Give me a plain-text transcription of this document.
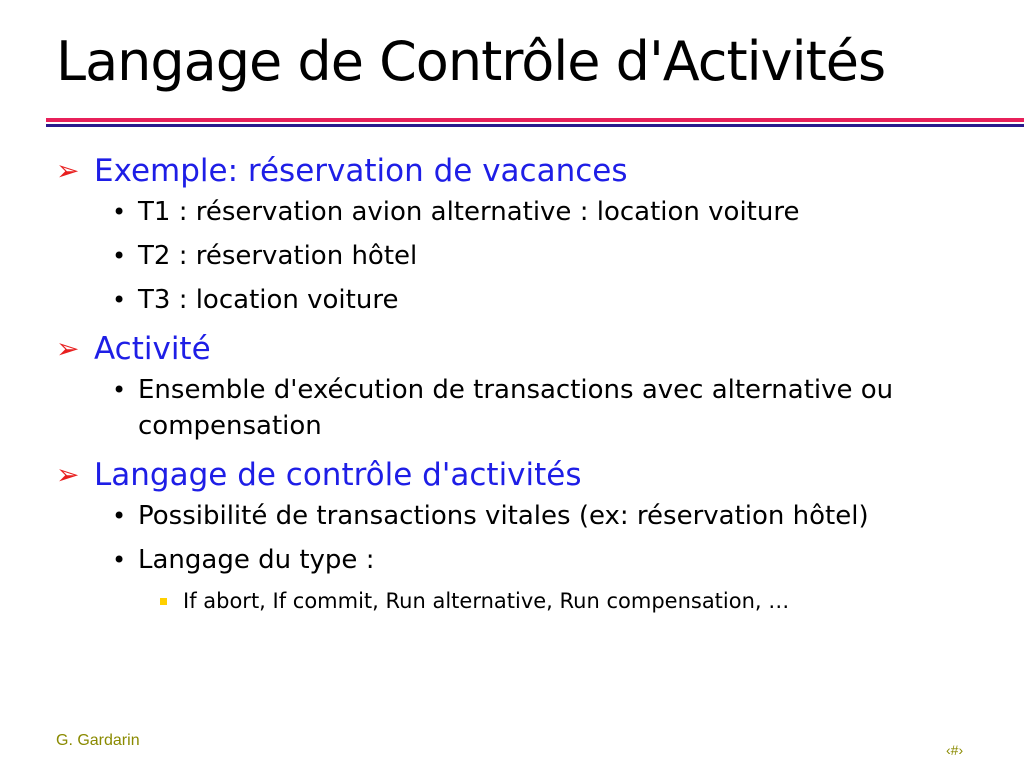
Langage de Contrôle d'Activités
➢ Exemple: réservation de vacances
• T1 : réservation avion alternative : location voiture
• T2 : réservation hôtel
• T3 : location voiture
➢ Activité
• Ensemble d'exécution de transactions avec alternative ou compensation
➢ Langage de contrôle d'activités
• Possibilité de transactions vitales (ex: réservation hôtel)
• Langage du type :
If abort, If commit, Run alternative, Run compensation, …
G. Gardarin
‹#›
